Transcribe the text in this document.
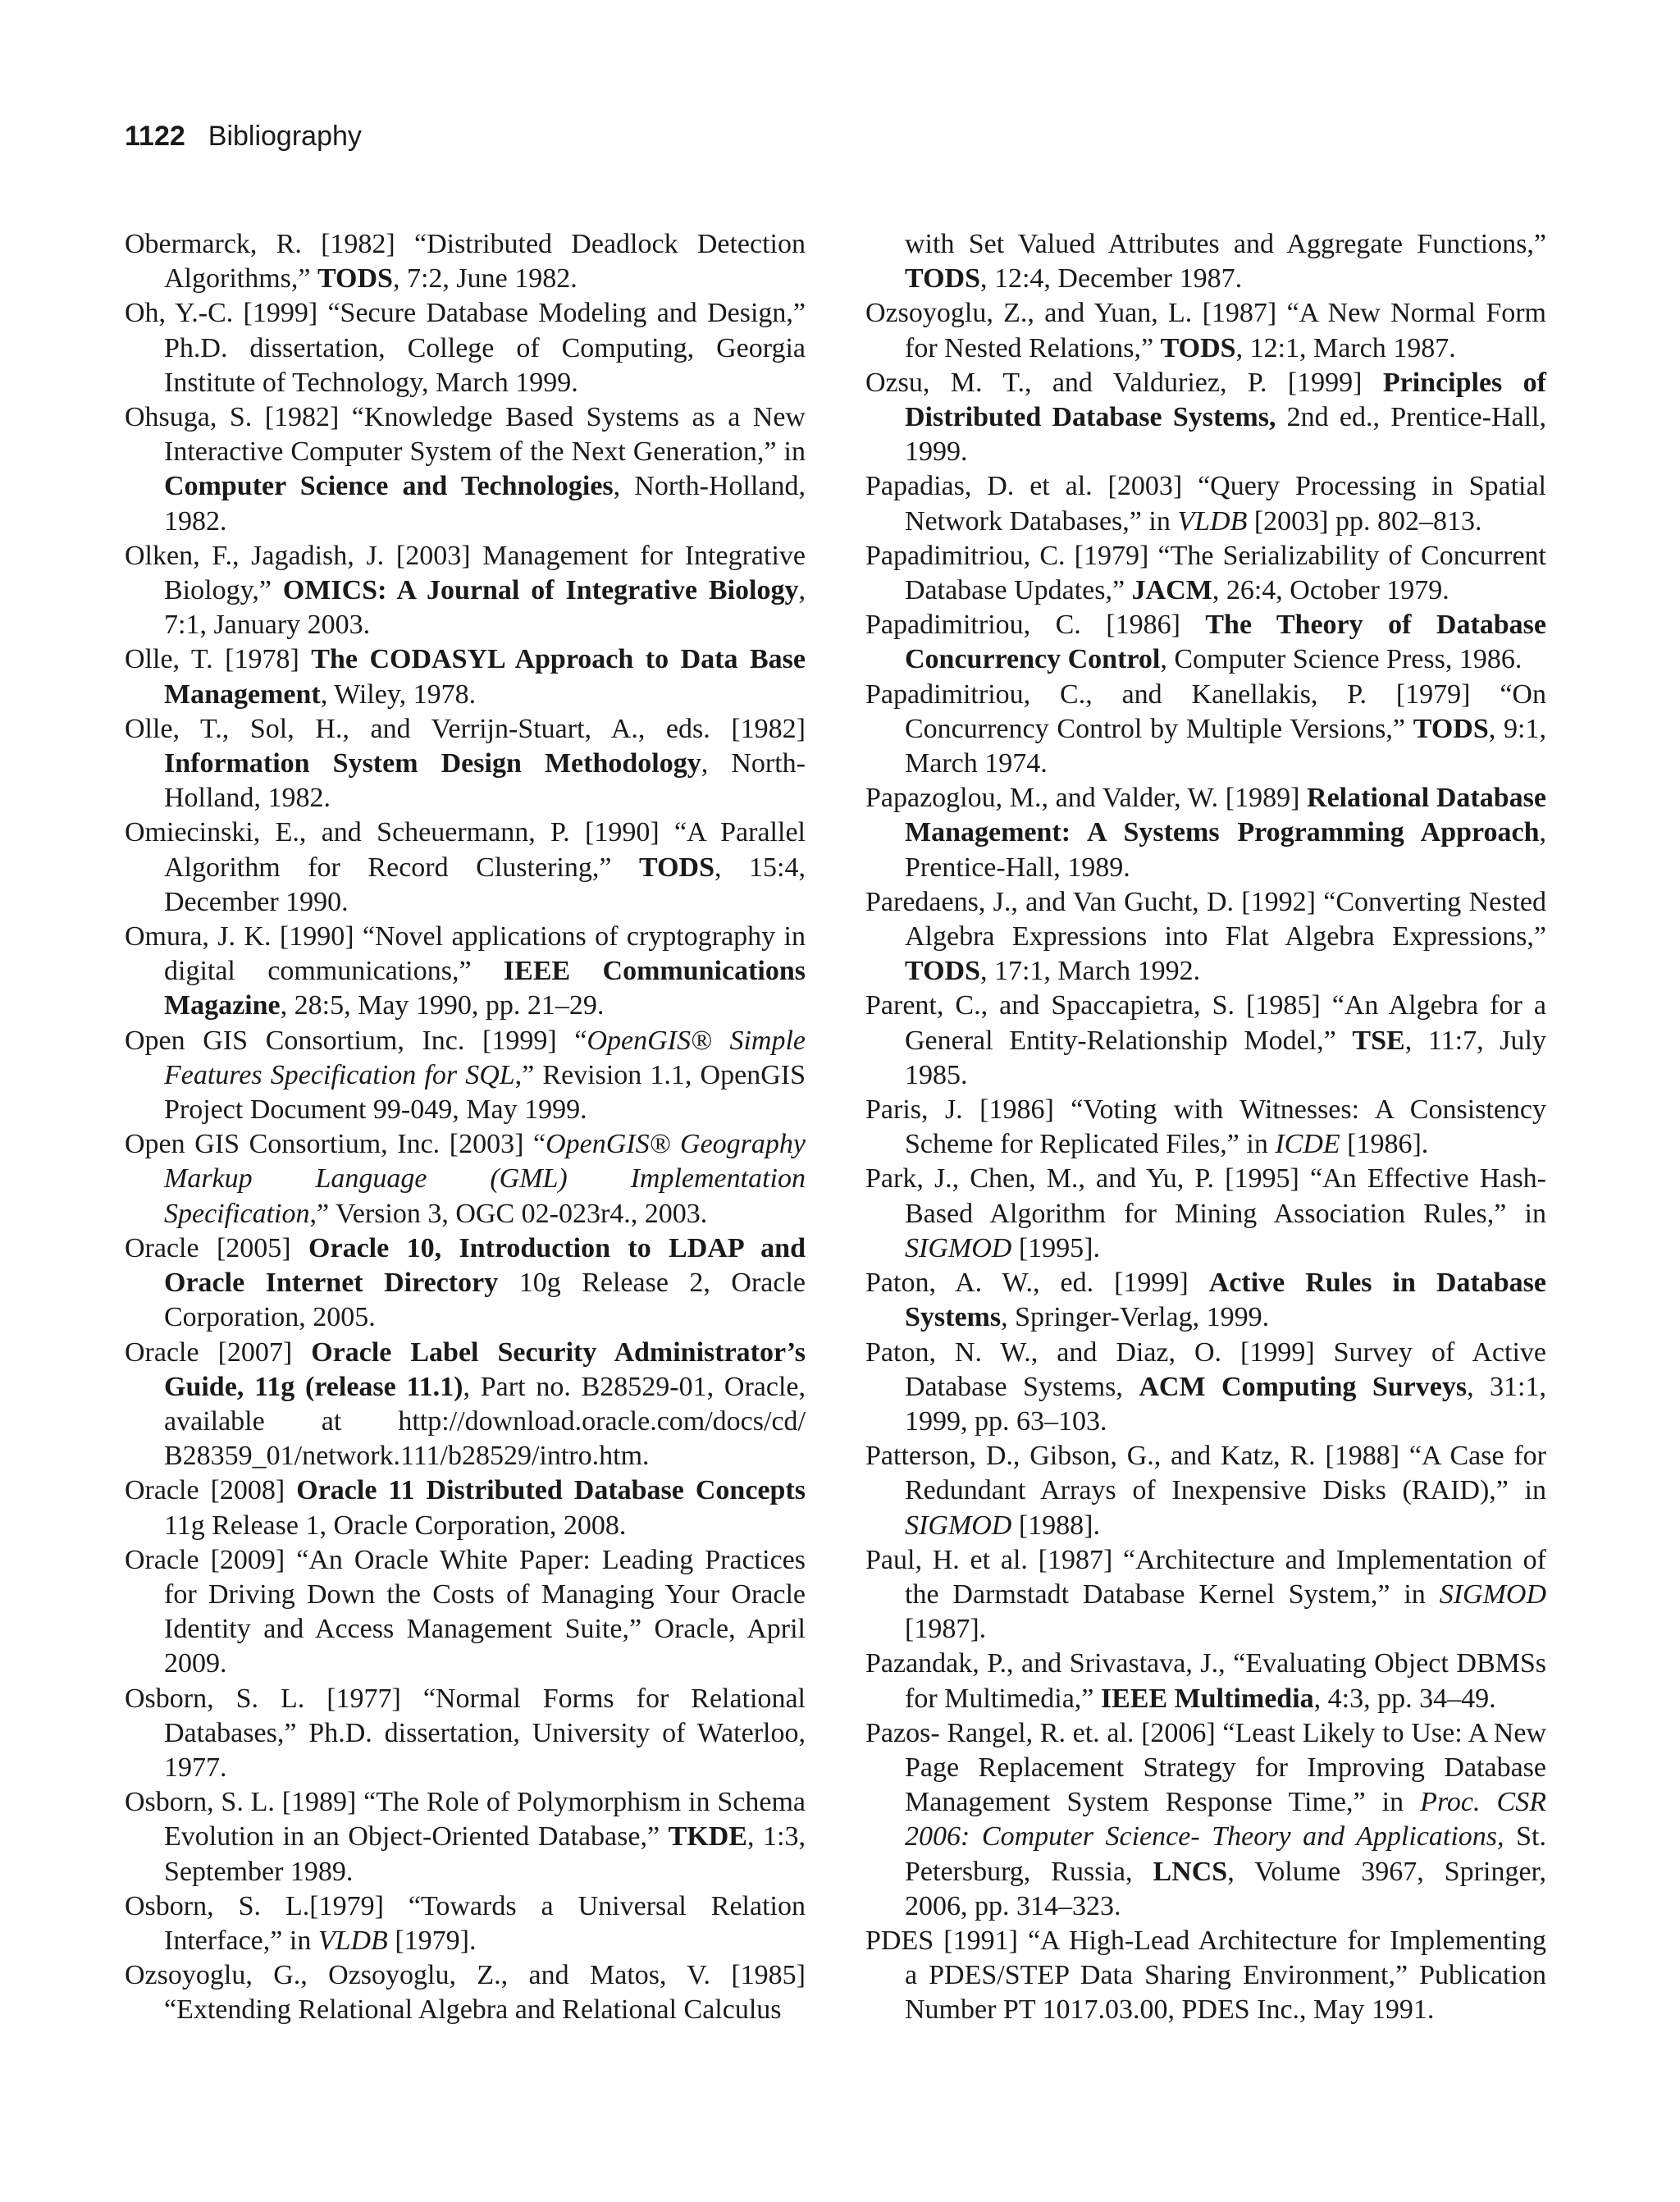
1122 Bibliography

Obermarck, R. [1982] “Distributed Deadlock Detection Algorithms,” TODS, 7:2, June 1982.

Oh, Y.-C. [1999] “Secure Database Modeling and Design,” Ph.D. dissertation, College of Computing, Georgia Institute of Technology, March 1999.

Ohsuga, S. [1982] “Knowledge Based Systems as a New Interactive Computer System of the Next Generation,” in Computer Science and Technologies, North-Holland, 1982.

Olken, F., Jagadish, J. [2003] Management for Integrative Biology,” OMICS: A Journal of Integrative Biology, 7:1, January 2003.

Olle, T. [1978] The CODASYL Approach to Data Base Management, Wiley, 1978.

Olle, T., Sol, H., and Verrijn-Stuart, A., eds. [1982] Information System Design Methodology, North-Holland, 1982.

Omiecinski, E., and Scheuermann, P. [1990] “A Parallel Algorithm for Record Clustering,” TODS, 15:4, December 1990.

Omura, J. K. [1990] “Novel applications of cryptography in digital communications,” IEEE Communications Magazine, 28:5, May 1990, pp. 21–29.

Open GIS Consortium, Inc. [1999] “OpenGIS® Simple Features Specification for SQL,” Revision 1.1, OpenGIS Project Document 99-049, May 1999.

Open GIS Consortium, Inc. [2003] “OpenGIS® Geography Markup Language (GML) Implementation Specification,” Version 3, OGC 02-023r4., 2003.

Oracle [2005] Oracle 10, Introduction to LDAP and Oracle Internet Directory 10g Release 2, Oracle Corporation, 2005.

Oracle [2007] Oracle Label Security Administrator’s Guide, 11g (release 11.1), Part no. B28529-01, Oracle, available at http://download.oracle.com/docs/cd/ B28359_01/network.111/b28529/intro.htm.

Oracle [2008] Oracle 11 Distributed Database Concepts 11g Release 1, Oracle Corporation, 2008.

Oracle [2009] “An Oracle White Paper: Leading Practices for Driving Down the Costs of Managing Your Oracle Identity and Access Management Suite,” Oracle, April 2009.

Osborn, S. L. [1977] “Normal Forms for Relational Databases,” Ph.D. dissertation, University of Waterloo, 1977.

Osborn, S. L. [1989] “The Role of Polymorphism in Schema Evolution in an Object-Oriented Database,” TKDE, 1:3, September 1989.

Osborn, S. L.[1979] “Towards a Universal Relation Interface,” in VLDB [1979].

Ozsoyoglu, G., Ozsoyoglu, Z., and Matos, V. [1985] “Extending Relational Algebra and Relational Calculus

with Set Valued Attributes and Aggregate Functions,” TODS, 12:4, December 1987.

Ozsoyoglu, Z., and Yuan, L. [1987] “A New Normal Form for Nested Relations,” TODS, 12:1, March 1987.

Ozsu, M. T., and Valduriez, P. [1999] Principles of Distributed Database Systems, 2nd ed., Prentice-Hall, 1999.

Papadias, D. et al. [2003] “Query Processing in Spatial Network Databases,” in VLDB [2003] pp. 802–813.

Papadimitriou, C. [1979] “The Serializability of Concurrent Database Updates,” JACM, 26:4, October 1979.

Papadimitriou, C. [1986] The Theory of Database Concurrency Control, Computer Science Press, 1986.

Papadimitriou, C., and Kanellakis, P. [1979] “On Concurrency Control by Multiple Versions,” TODS, 9:1, March 1974.

Papazoglou, M., and Valder, W. [1989] Relational Database Management: A Systems Programming Approach, Prentice-Hall, 1989.

Paredaens, J., and Van Gucht, D. [1992] “Converting Nested Algebra Expressions into Flat Algebra Expressions,” TODS, 17:1, March 1992.

Parent, C., and Spaccapietra, S. [1985] “An Algebra for a General Entity-Relationship Model,” TSE, 11:7, July 1985.

Paris, J. [1986] “Voting with Witnesses: A Consistency Scheme for Replicated Files,” in ICDE [1986].

Park, J., Chen, M., and Yu, P. [1995] “An Effective Hash-Based Algorithm for Mining Association Rules,” in SIGMOD [1995].

Paton, A. W., ed. [1999] Active Rules in Database Systems, Springer-Verlag, 1999.

Paton, N. W., and Diaz, O. [1999] Survey of Active Database Systems, ACM Computing Surveys, 31:1, 1999, pp. 63–103.

Patterson, D., Gibson, G., and Katz, R. [1988] “A Case for Redundant Arrays of Inexpensive Disks (RAID),” in SIGMOD [1988].

Paul, H. et al. [1987] “Architecture and Implementation of the Darmstadt Database Kernel System,” in SIGMOD [1987].

Pazandak, P., and Srivastava, J., “Evaluating Object DBMSs for Multimedia,” IEEE Multimedia, 4:3, pp. 34–49.

Pazos- Rangel, R. et. al. [2006] “Least Likely to Use: A New Page Replacement Strategy for Improving Database Management System Response Time,” in Proc. CSR 2006: Computer Science- Theory and Applications, St. Petersburg, Russia, LNCS, Volume 3967, Springer, 2006, pp. 314–323.

PDES [1991] “A High-Lead Architecture for Implementing a PDES/STEP Data Sharing Environment,” Publication Number PT 1017.03.00, PDES Inc., May 1991.
